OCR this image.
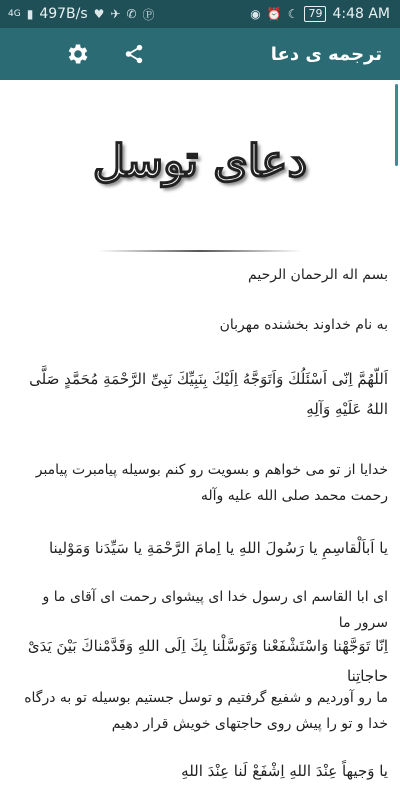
4G ▮ 497B/s ♥ ✈ ✆ Ⓟ	◉ ⏰ ☾ 79 4:48 AM
ترجمه ی دعا
دعای توسل
بسم اله الرحمان الرحیم
به نام خداوند بخشنده مهربان
اَللّهُمَّ اِنّی اَسْئَلُكَ وَاَتَوَجَّهُ اِلَیْكَ بِنَبِیِّكَ نَبِیِّ الرَّحْمَةِ مُحَمَّدٍ صَلَّی اللهُ عَلَیْهِ وَآلِهِ
خدایا از تو می خواهم و بسویت رو کنم بوسیله پیامبرت پیامبر رحمت محمد صلی الله علیه وآله
یا اَباَلْقاسِمِ یا رَسُولَ اللهِ یا اِمامَ الرَّحْمَةِ یا سَیِّدَنا وَمَوْلینا
ای ابا القاسم ای رسول خدا ای پیشوای رحمت ای آقای ما و سرور ما
اِنّا تَوَجَّهْنا وَاسْتَشْفَعْنا وَتَوَسَّلْنا بِكَ اِلَی اللهِ وَقَدَّمْناكَ بَیْنَ یَدَیْ حاجاتِنا
ما رو آوردیم و شفیع گرفتیم و توسل جستیم بوسیله تو به درگاه خدا و تو را پیش روی حاجتهای خویش قرار دهیم
یا وَجیهاً عِنْدَ اللهِ اِشْفَعْ لَنا عِنْدَ اللهِ
